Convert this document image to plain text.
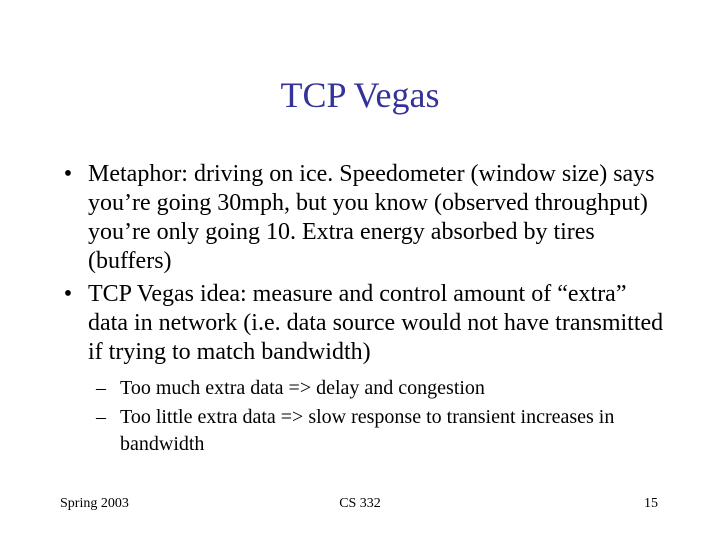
TCP Vegas
• Metaphor: driving on ice. Speedometer (window size) says you’re going 30mph, but you know (observed throughput) you’re only going 10. Extra energy absorbed by tires (buffers)
• TCP Vegas idea: measure and control amount of “extra” data in network (i.e. data source would not have transmitted if trying to match bandwidth)
– Too much extra data => delay and congestion
– Too little extra data => slow response to transient increases in bandwidth
Spring 2003	CS 332	15
